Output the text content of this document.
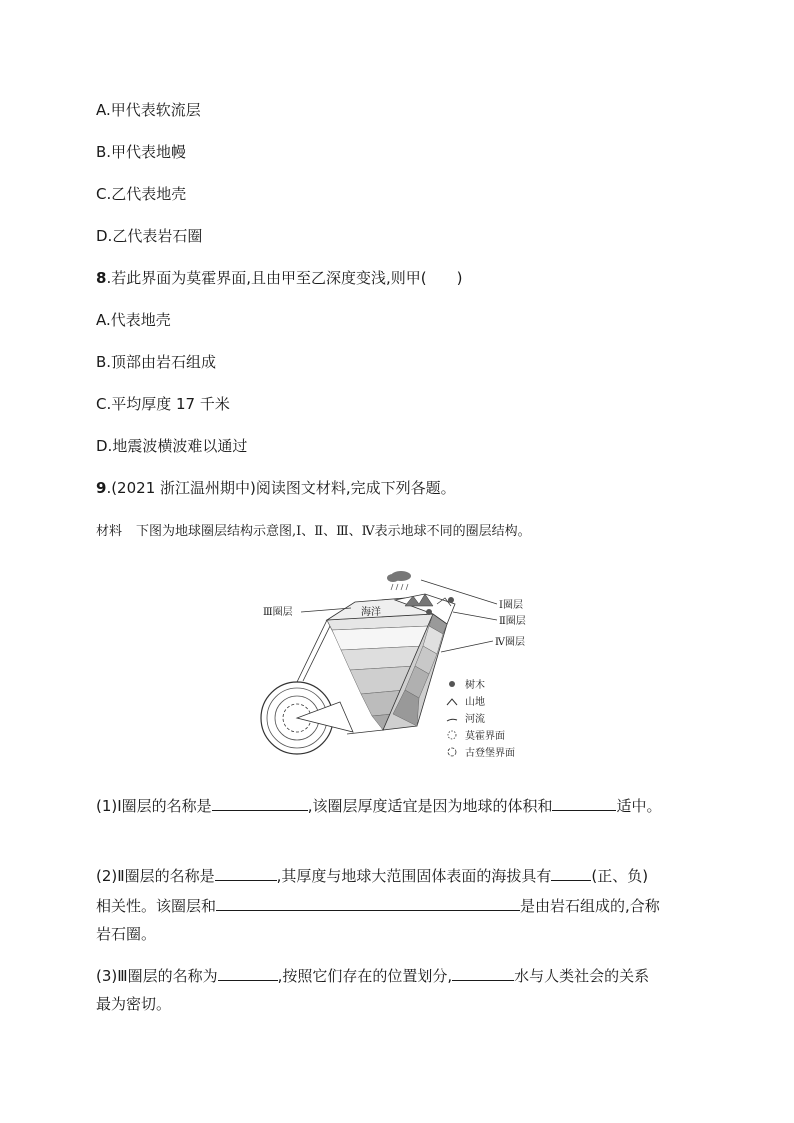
A.甲代表软流层
B.甲代表地幔
C.乙代表地壳
D.乙代表岩石圈
8.若此界面为莫霍界面,且由甲至乙深度变浅,则甲(　　)
A.代表地壳
B.顶部由岩石组成
C.平均厚度 17 千米
D.地震波横波难以通过
9.(2021 浙江温州期中)阅读图文材料,完成下列各题。
材料 下图为地球圈层结构示意图,Ⅰ、Ⅱ、Ⅲ、Ⅳ表示地球不同的圈层结构。
Ⅲ圈层	海洋
Ⅰ圈层
Ⅱ圈层
Ⅳ圈层
树木
山地
河流
莫霍界面
古登堡界面
(1)Ⅰ圈层的名称是	,该圈层厚度适宜是因为地球的体积和	适中。
(2)Ⅱ圈层的名称是	,其厚度与地球大范围固体表面的海拔具有	(正、负)
相关性。该圈层和	是由岩石组成的,合称
岩石圈。
(3)Ⅲ圈层的名称为	,按照它们存在的位置划分,	水与人类社会的关系
最为密切。
